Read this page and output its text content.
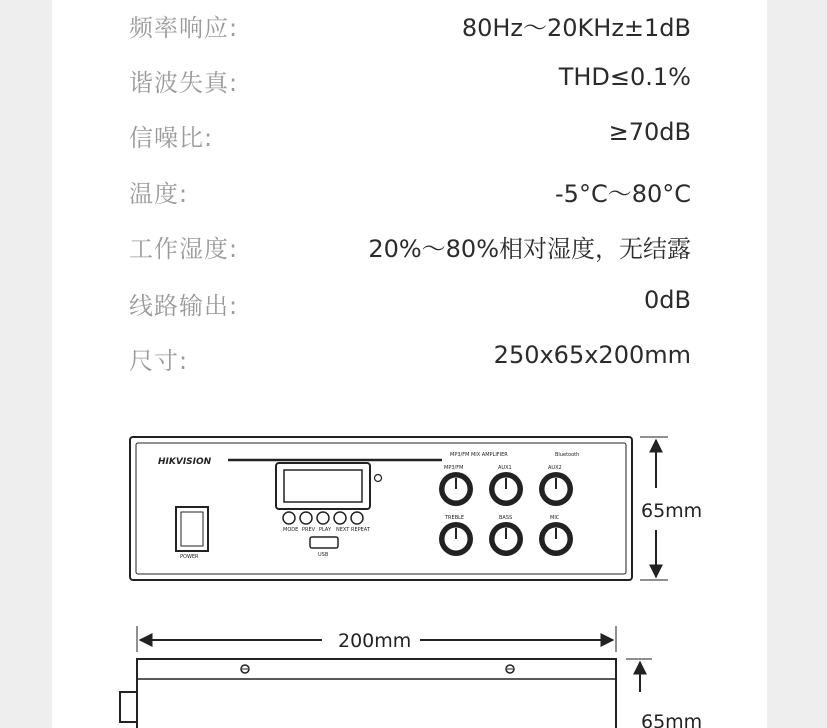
频率响应:	80Hz～20KHz±1dB
谐波失真:	THD≤0.1%
信噪比:	≥70dB
温度:	-5°C～80°C
工作湿度:	20%～80%相对湿度，无结露
线路输出:	0dB
尺寸:	250x65x200mm
HIKVISION
MP3/FM MIX AMPLIFIER	Bluetooth
MODE PREV PLAY NEXT REPEAT
USB
POWER
MP3/FM	AUX1	AUX2
TREBLE	BASS	MIC	65mm
200mm
65mm
